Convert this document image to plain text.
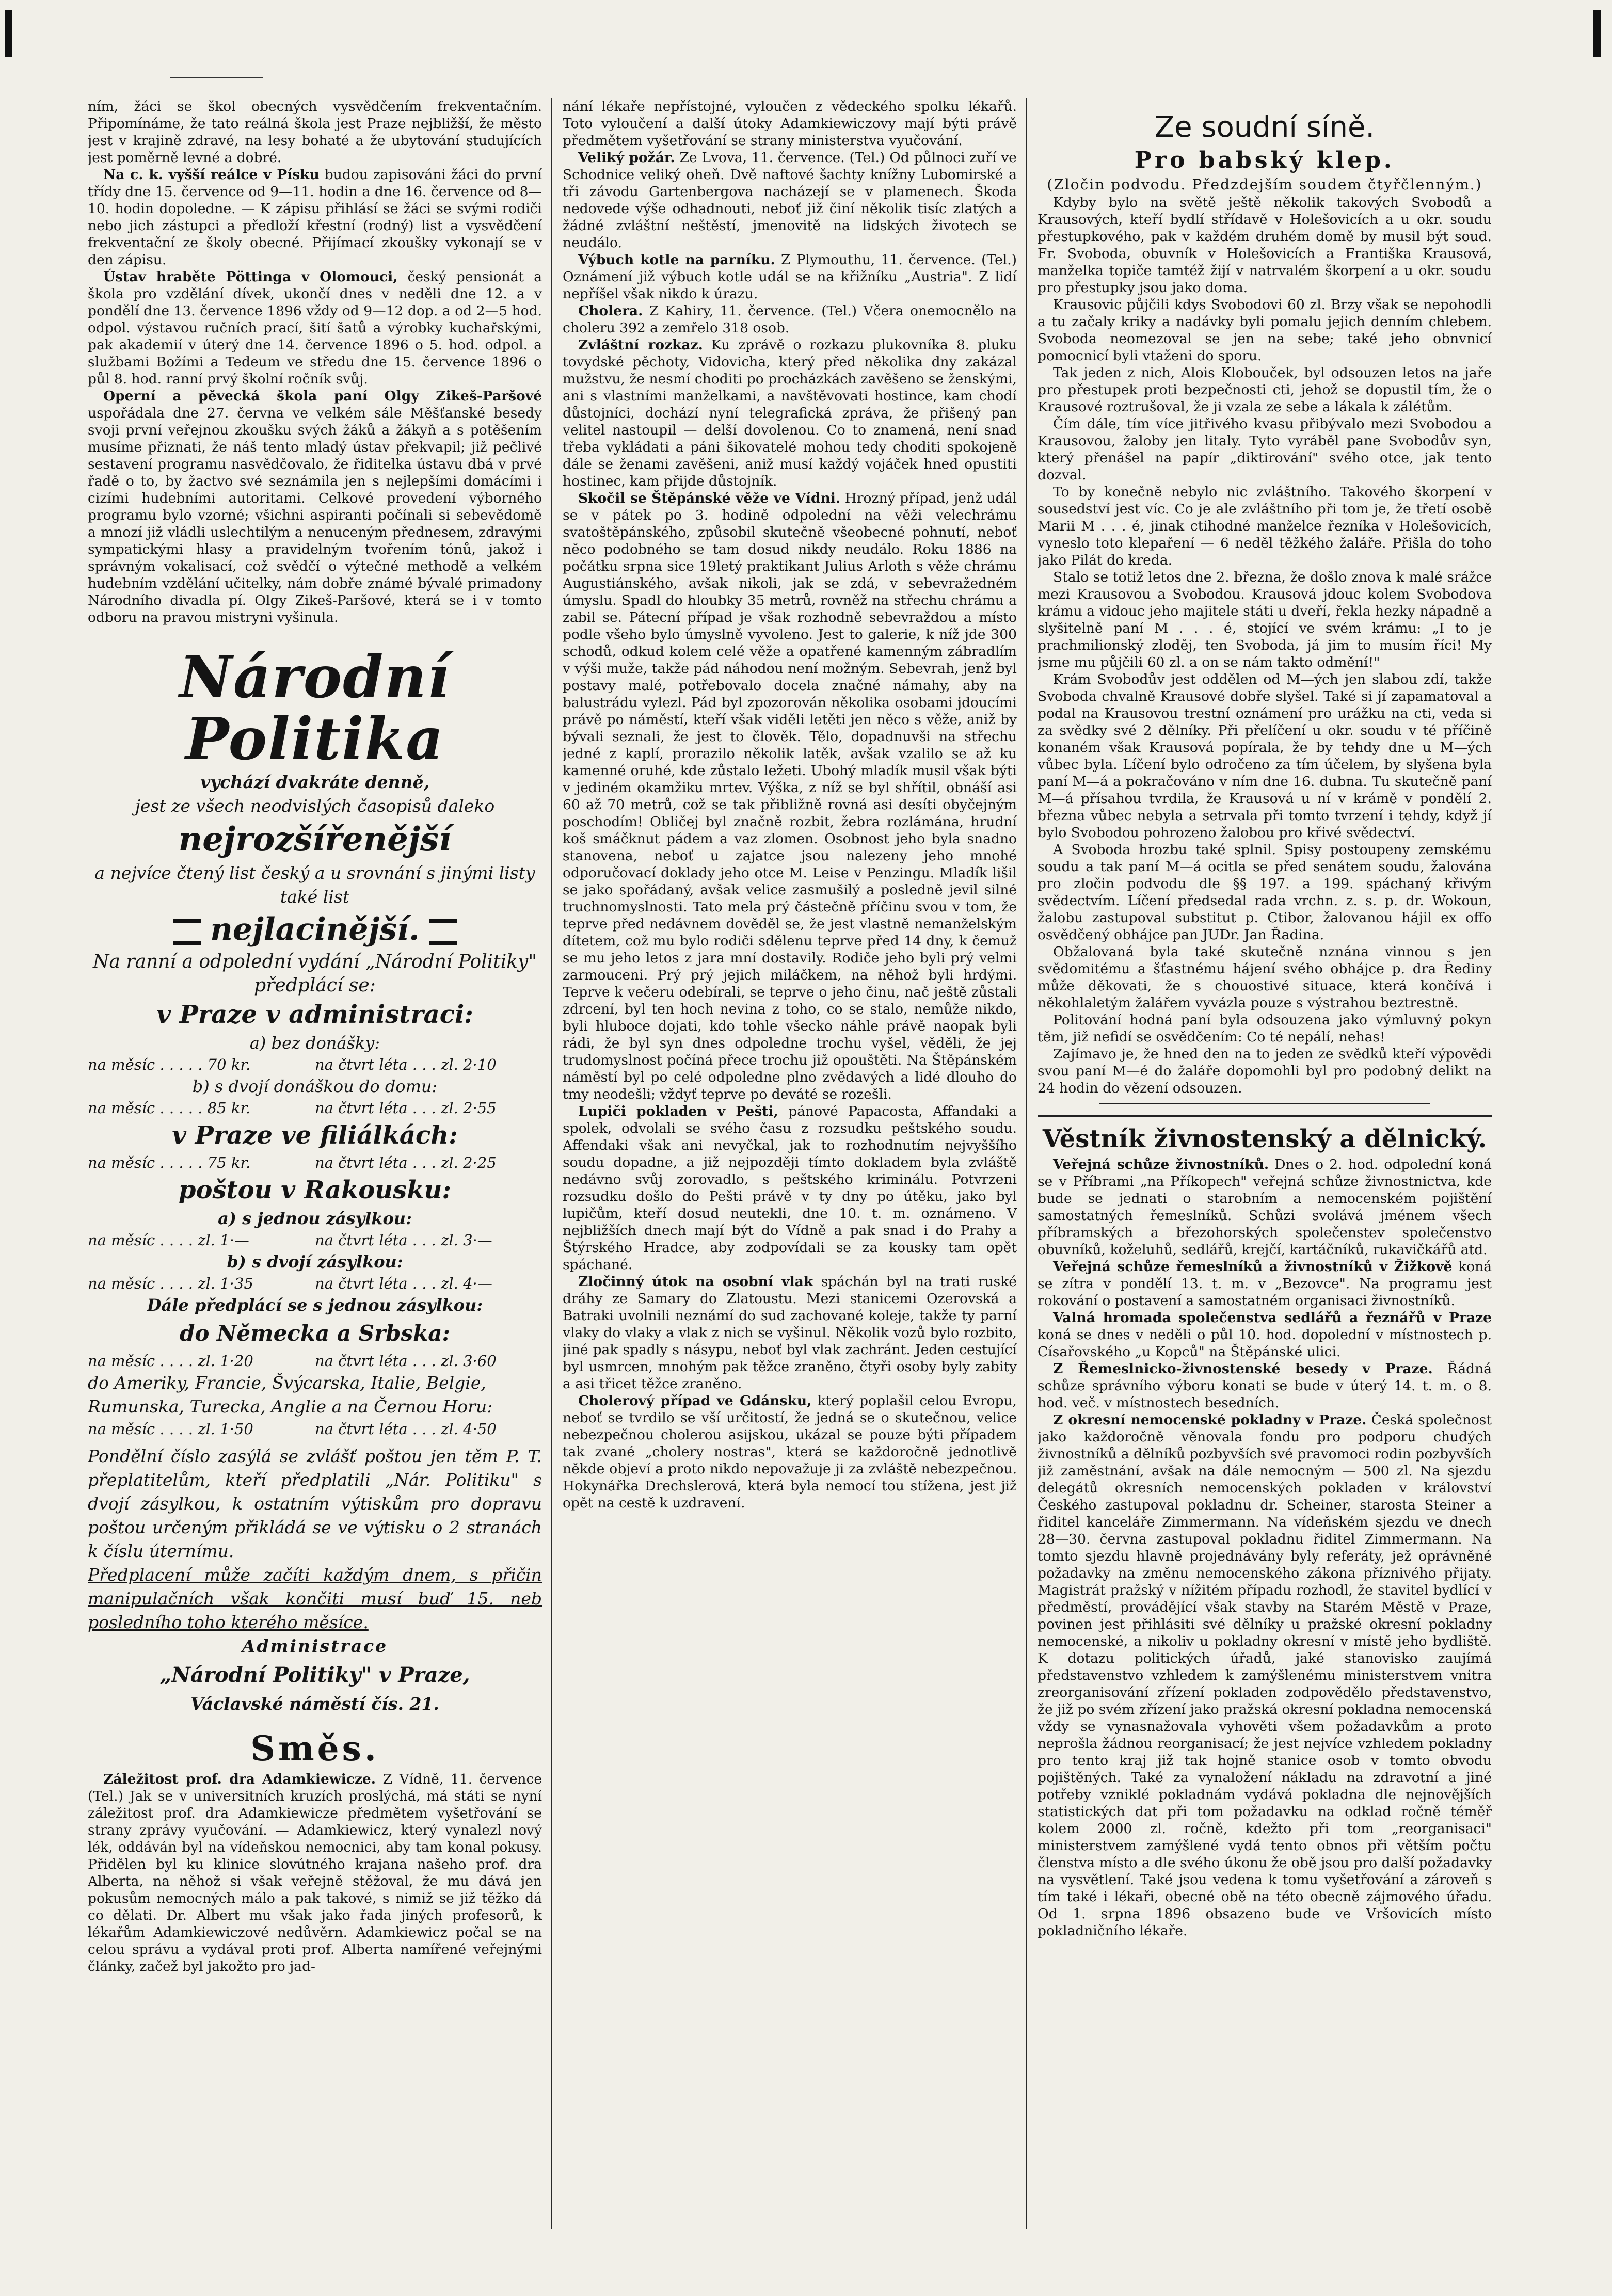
ním, žáci se škol obecných vysvědčením frekventačním. Připomínáme, že tato reálná škola jest Praze nejbližší, že město jest v krajině zdravé, na lesy bohaté a že ubytování studujících jest poměrně levné a dobré.

Na c. k. vyšší reálce v Písku budou zapisováni žáci do první třídy dne 15. července od 9—11. hodin a dne 16. července od 8—10. hodin dopoledne. — K zápisu přihlásí se žáci se svými rodiči nebo jich zástupci a předloží křestní (rodný) list a vysvědčení frekventační ze školy obecné. Přijímací zkoušky vykonají se v den zápisu.

Ústav hraběte Pöttinga v Olomouci, český pensionát a škola pro vzdělání dívek, ukončí dnes v neděli dne 12. a v pondělí dne 13. července 1896 vždy od 9—12 dop. a od 2—5 hod. odpol. výstavou ručních prací, šití šatů a výrobky kuchařskými, pak akademií v úterý dne 14. července 1896 o 5. hod. odpol. a službami Božími a Tedeum ve středu dne 15. července 1896 o půl 8. hod. ranní prvý školní ročník svůj.

Operní a pěvecká škola paní Olgy Zikeš-Paršové uspořádala dne 27. června ve velkém sále Měšťanské besedy svoji první veřejnou zkoušku svých žáků a žákyň a s potěšením musíme přiznati, že náš tento mladý ústav překvapil; již pečlivé sestavení programu nasvědčovalo, že řiditelka ústavu dbá v prvé řadě o to, by žactvo své seznámila jen s nejlepšími domácími i cizími hudebními autoritami. Celkové provedení výborného programu bylo vzorné; všichni aspiranti počínali si sebevědomě a mnozí již vládli uslechtilým a nenuceným přednesem, zdravými sympatickými hlasy a pravidelným tvořením tónů, jakož i správným vokalisací, což svědčí o výtečné methodě a velkém hudebním vzdělání učitelky, nám dobře známé bývalé primadony Národního divadla pí. Olgy Zikeš-Paršové, která se i v tomto odboru na pravou mistryni vyšinula.

Národní Politika
vychází dvakráte denně,
jest ze všech neodvislých časopisů daleko
nejrozšířenější
a nejvíce čtený list český a u srovnání s jinými listy také list
nejlacinější.
Na ranní a odpolední vydání „Národní Politiky" předplácí se:
v Praze v administraci:
a) bez donášky:
na měsíc . . . . . 70 kr.	na čtvrt léta . . . zl. 2·10
b) s dvojí donáškou do domu:
na měsíc . . . . . 85 kr.	na čtvrt léta . . . zl. 2·55
v Praze ve filiálkách:
na měsíc . . . . . 75 kr.	na čtvrt léta . . . zl. 2·25
poštou v Rakousku:
a) s jednou zásylkou:
na měsíc . . . . zl. 1·—	na čtvrt léta . . . zl. 3·—
b) s dvojí zásylkou:
na měsíc . . . . zl. 1·35	na čtvrt léta . . . zl. 4·—
Dále předplácí se s jednou zásylkou:
do Německa a Srbska:
na měsíc . . . . zl. 1·20	na čtvrt léta . . . zl. 3·60
do Ameriky, Francie, Švýcarska, Italie, Belgie, Rumunska, Turecka, Anglie a na Černou Horu:
na měsíc . . . . zl. 1·50	na čtvrt léta . . . zl. 4·50
Pondělní číslo zasýlá se zvlášť poštou jen těm P. T. přeplatitelům, kteří předplatili „Nár. Politiku" s dvojí zásylkou, k ostatním výtiskům pro dopravu poštou určeným přikládá se ve výtisku o 2 stranách k číslu úternímu.
Předplacení může začíti každým dnem, s přičin manipulačních však končiti musí buď 15. neb posledního toho kterého měsíce.
Administrace
„Národní Politiky" v Praze,
Václavské náměstí čís. 21.
Směs.

Záležitost prof. dra Adamkiewicze. Z Vídně, 11. července (Tel.) Jak se v universitních kruzích proslýchá, má státi se nyní záležitost prof. dra Adamkiewicze předmětem vyšetřování se strany zprávy vyučování. — Adamkiewicz, který vynalezl nový lék, oddáván byl na vídeňskou nemocnici, aby tam konal pokusy. Přidělen byl ku klinice slovútného krajana našeho prof. dra Alberta, na něhož si však veřejně stěžoval, že mu dává jen pokusům nemocných málo a pak takové, s nimiž se již těžko dá co dělati. Dr. Albert mu však jako řada jiných profesorů, k lékařům Adamkiewiczové nedůvěrn. Adamkiewicz počal se na celou správu a vydával proti prof. Alberta namířené veřejnými články, začež byl jakožto pro jad-

nání lékaře nepřístojné, vyloučen z vědeckého spolku lékařů. Toto vyloučení a další útoky Adamkiewiczovy mají býti právě předmětem vyšetřování se strany ministerstva vyučování.

Veliký požár. Ze Lvova, 11. července. (Tel.) Od půlnoci zuří ve Schodnice veliký oheň. Dvě naftové šachty knížny Lubomirské a tři závodu Gartenbergova nacházejí se v plamenech. Škoda nedovede výše odhadnouti, neboť již činí několik tisíc zlatých a žádné zvláštní neštěstí, jmenovitě na lidských životech se neudálo.

Výbuch kotle na parníku. Z Plymouthu, 11. července. (Tel.) Oznámení již výbuch kotle udál se na křižníku „Austria". Z lidí nepříšel však nikdo k úrazu.

Cholera. Z Kahiry, 11. července. (Tel.) Včera onemocnělo na choleru 392 a zemřelo 318 osob.

Zvláštní rozkaz. Ku zprávě o rozkazu plukovníka 8. pluku tovydské pěchoty, Vidovicha, který před několika dny zakázal mužstvu, že nesmí choditi po procházkách zavěšeno se ženskými, ani s vlastními manželkami, a navštěvovati hostince, kam chodí důstojníci, dochází nyní telegrafická zpráva, že přišený pan velitel nastoupil — delší dovolenou. Co to znamená, není snad třeba vykládati a páni šikovatelé mohou tedy choditi spokojeně dále se ženami zavěšeni, aniž musí každý vojáček hned opustiti hostinec, kam přijde důstojník.

Skočil se Štěpánské věže ve Vídni. Hrozný případ, jenž udál se v pátek po 3. hodině odpolední na věži velechrámu svatoštěpánského, způsobil skutečně všeobecné pohnutí, neboť něco podobného se tam dosud nikdy neudálo. Roku 1886 na počátku srpna sice 19letý praktikant Julius Arloth s věže chrámu Augustiánského, avšak nikoli, jak se zdá, v sebevražedném úmyslu. Spadl do hloubky 35 metrů, rovněž na střechu chrámu a zabil se. Pátecní případ je však rozhodně sebevraždou a místo podle všeho bylo úmyslně vyvoleno. Jest to galerie, k níž jde 300 schodů, odkud kolem celé věže a opatřené kamenným zábradlím v výši muže, takže pád náhodou není možným. Sebevrah, jenž byl postavy malé, potřebovalo docela značné námahy, aby na balustrádu vylezl. Pád byl zpozorován několika osobami jdoucími právě po náměstí, kteří však viděli letěti jen něco s věže, aniž by bývali seznali, že jest to člověk. Tělo, dopadnuvši na střechu jedné z kaplí, prorazilo několik latěk, avšak vzalilo se až ku kamenné oruhé, kde zůstalo ležeti. Ubohý mladík musil však býti v jediném okamžiku mrtev. Výška, z níž se byl shřítil, obnáší asi 60 až 70 metrů, což se tak přibližně rovná asi desíti obyčejným poschodím! Obličej byl značně rozbit, žebra rozlámána, hrudní koš smáčknut pádem a vaz zlomen. Osobnost jeho byla snadno stanovena, neboť u zajatce jsou nalezeny jeho mnohé odporučovací doklady jeho otce M. Leise v Penzingu. Mladík lišil se jako spořádaný, avšak velice zasmušilý a posledně jevil silné truchnomyslnosti. Tato mela prý částečně příčinu svou v tom, že teprve před nedávnem dověděl se, že jest vlastně nemanželským dítetem, což mu bylo rodiči sdělenu teprve před 14 dny, k čemuž se mu jeho letos z jara mní dostavily. Rodiče jeho byli prý velmi zarmouceni. Prý prý jejich miláčkem, na něhož byli hrdými. Teprve k večeru odebírali, se teprve o jeho činu, nač ještě zůstali zdrcení, byl ten hoch nevina z toho, co se stalo, nemůže nikdo, byli hluboce dojati, kdo tohle všecko náhle právě naopak byli rádi, že byl syn dnes odpoledne trochu vyšel, věděli, že jej trudomyslnost počíná přece trochu již opouštěti. Na Štěpánském náměstí byl po celé odpoledne plno zvědavých a lidé dlouho do tmy neodešli; vždyť teprve po deváté se rozešli.

Lupiči pokladen v Pešti, pánové Papacosta, Affandaki a spolek, odvolali se svého času z rozsudku peštského soudu. Affendaki však ani nevyčkal, jak to rozhodnutím nejvyššího soudu dopadne, a již nejpozději tímto dokladem byla zvláště nedávno svůj zorovadlo, s peštského kriminálu. Potvrzeni rozsudku došlo do Pešti právě v ty dny po útěku, jako byl lupičům, kteří dosud neutekli, dne 10. t. m. oznámeno. V nejbližších dnech mají být do Vídně a pak snad i do Prahy a Štýrského Hradce, aby zodpovídali se za kousky tam opět spáchané.

Zločinný útok na osobní vlak spáchán byl na trati ruské dráhy ze Samary do Zlatoustu. Mezi stanicemi Ozerovská a Batraki uvolnili neznámí do sud zachované koleje, takže ty parní vlaky do vlaky a vlak z nich se vyšinul. Několik vozů bylo rozbito, jiné pak spadly s násypu, neboť byl vlak zachránt. Jeden cestující byl usmrcen, mnohým pak těžce zraněno, čtyři osoby byly zabity a asi třicet těžce zraněno.

Cholerový případ ve Gdánsku, který poplašil celou Evropu, neboť se tvrdilo se vší určitostí, že jedná se o skutečnou, velice nebezpečnou cholerou asijskou, ukázal se pouze býti případem tak zvané „cholery nostras", která se každoročně jednotlivě někde objeví a proto nikdo nepovažuje ji za zvláště nebezpečnou. Hokynářka Drechslerová, která byla nemocí tou stížena, jest již opět na cestě k uzdravení.

Ze soudní síně.
Pro babský klep.
(Zločin podvodu. Předzdejším soudem čtyřčlenným.)

Kdyby bylo na světě ještě několik takových Svobodů a Krausových, kteří bydlí střídavě v Holešovicích a u okr. soudu přestupkového, pak v každém druhém domě by musil být soud. Fr. Svoboda, obuvník v Holešovicích a Františka Krausová, manželka topiče tamtéž žijí v natrvalém škorpení a u okr. soudu pro přestupky jsou jako doma.

Krausovic půjčili kdys Svobodovi 60 zl. Brzy však se nepohodli a tu začaly kriky a nadávky byli pomalu jejich denním chlebem. Svoboda neomezoval se jen na sebe; také jeho obnvnicí pomocnicí byli vtaženi do sporu.

Tak jeden z nich, Alois Klobouček, byl odsouzen letos na jaře pro přestupek proti bezpečnosti cti, jehož se dopustil tím, že o Krausové roztrušoval, že ji vzala ze sebe a lákala k zálétům.

Čím dále, tím více jitřivého kvasu přibývalo mezi Svobodou a Krausovou, žaloby jen litaly. Tyto vyráběl pane Svobodův syn, který přenášel na papír „diktirování" svého otce, jak tento dozval.

To by konečně nebylo nic zvláštního. Takového škorpení v sousedství jest víc. Co je ale zvláštního při tom je, že třetí osobě Marii M . . . é, jinak ctihodné manželce řezníka v Holešovicích, vyneslo toto klepaření — 6 neděl těžkého žaláře. Přišla do toho jako Pilát do kreda.

Stalo se totiž letos dne 2. března, že došlo znova k malé srážce mezi Krausovou a Svobodou. Krausová jdouc kolem Svobodova krámu a vidouc jeho majitele státi u dveří, řekla hezky nápadně a slyšitelně paní M . . . é, stojící ve svém krámu: „I to je prachmilionský zloděj, ten Svoboda, já jim to musím říci! My jsme mu půjčili 60 zl. a on se nám takto odmění!"

Krám Svobodův jest oddělen od M—ých jen slabou zdí, takže Svoboda chvalně Krausové dobře slyšel. Také si jí zapamatoval a podal na Krausovou trestní oznámení pro urážku na cti, veda si za svědky své 2 dělníky. Při přelíčení u okr. soudu v té příčině konaném však Krausová popírala, že by tehdy dne u M—ých vůbec byla. Líčení bylo odročeno za tím účelem, by slyšena byla paní M—á a pokračováno v ním dne 16. dubna. Tu skutečně paní M—á přísahou tvrdila, že Krausová u ní v krámě v pondělí 2. března vůbec nebyla a setrvala při tomto tvrzení i tehdy, když jí bylo Svobodou pohrozeno žalobou pro křivé svědectví.

A Svoboda hrozbu také splnil. Spisy postoupeny zemskému soudu a tak paní M—á ocitla se před senátem soudu, žalována pro zločin podvodu dle §§ 197. a 199. spáchaný křivým svědectvím. Líčení předsedal rada vrchn. z. s. p. dr. Wokoun, žalobu zastupoval substitut p. Ctibor, žalovanou hájil ex offo osvědčený obhájce pan JUDr. Jan Řadina.

Obžalovaná byla také skutečně nznána vinnou s jen svědomitému a šťastnému hájení svého obhájce p. dra Řediny může děkovati, že s chouostivé situace, která končívá i někohlaletým žalářem vyvázla pouze s výstrahou beztrestně.

Politování hodná paní byla odsouzena jako výmluvný pokyn těm, již nefidí se osvědčením: Co té nepálí, nehas!

Zajímavo je, že hned den na to jeden ze svědků kteří výpovědi svou paní M—é do žaláře dopomohli byl pro podobný delikt na 24 hodin do vězení odsouzen.

Věstník živnostenský a dělnický.

Veřejná schůze živnostníků. Dnes o 2. hod. odpolední koná se v Příbrami „na Příkopech" veřejná schůze živnostnictva, kde bude se jednati o starobním a nemocenském pojištění samostatných řemeslníků. Schůzi svolává jménem všech příbramských a březohorských společenstev společenstvo obuvníků, koželuhů, sedlářů, krejčí, kartáčníků, rukavičkářů atd.

Veřejná schůze řemeslníků a živnostníků v Žižkově koná se zítra v pondělí 13. t. m. v „Bezovce". Na programu jest rokování o postavení a samostatném organisaci živnostníků.

Valná hromada společenstva sedlářů a řeznářů v Praze koná se dnes v neděli o půl 10. hod. dopolední v místnostech p. Císařovského „u Kopců" na Štěpánské ulici.

Z Řemeslnicko-živnostenské besedy v Praze. Řádná schůze správního výboru konati se bude v úterý 14. t. m. o 8. hod. več. v místnostech besedních.

Z okresní nemocenské pokladny v Praze. Česká společnost jako každoročně věnovala fondu pro podporu chudých živnostníků a dělníků pozbyvších své pravomoci rodin pozbyvších již zaměstnání, avšak na dále nemocným — 500 zl. Na sjezdu delegátů okresních nemocenských pokladen v království Českého zastupoval pokladnu dr. Scheiner, starosta Steiner a řiditel kanceláře Zimmermann. Na vídeňském sjezdu ve dnech 28—30. června zastupoval pokladnu řiditel Zimmermann. Na tomto sjezdu hlavně projednávány byly referáty, jež oprávněné požadavky na změnu nemocenského zákona příznivého přijaty. Magistrát pražský v nížitém případu rozhodl, že stavitel bydlící v předměstí, provádějící však stavby na Starém Městě v Praze, povinen jest přihlásiti své dělníky u pražské okresní pokladny nemocenské, a nikoliv u pokladny okresní v místě jeho bydliště. K dotazu politických úřadů, jaké stanovisko zaujímá představenstvo vzhledem k zamýšlenému ministerstvem vnitra zreorganisování zřízení pokladen zodpovědělo představenstvo, že již po svém zřízení jako pražská okresní pokladna nemocenská vždy se vynasnažovala vyhověti všem požadavkům a proto neprošla žádnou reorganisací; že jest nejvíce vzhledem pokladny pro tento kraj již tak hojně stanice osob v tomto obvodu pojištěných. Také za vynaložení nákladu na zdravotní a jiné potřeby vzniklé pokladnám vydává pokladna dle nejnovějších statistických dat při tom požadavku na odklad ročně téměř kolem 2000 zl. ročně, kdežto při tom „reorganisaci" ministerstvem zamýšlené vydá tento obnos při větším počtu členstva místo a dle svého úkonu že obě jsou pro další požadavky na vysvětlení. Také jsou vedena k tomu vyšetřování a zároveň s tím také i lékaři, obecné obě na této obecně zájmového úřadu. Od 1. srpna 1896 obsazeno bude ve Vršovicích místo pokladničního lékaře.
